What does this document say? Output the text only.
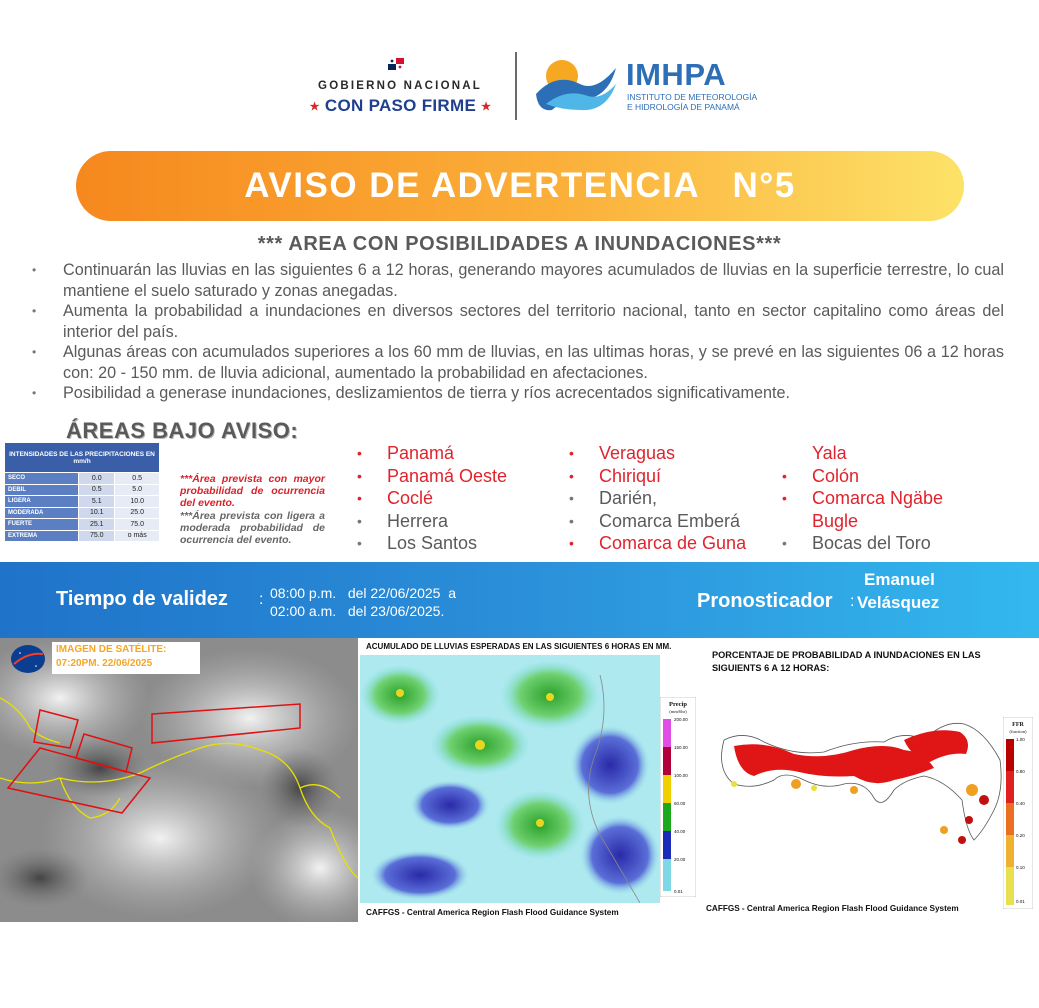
GOBIERNO NACIONAL
★ CON PASO FIRME ★
IMHPA
INSTITUTO DE METEOROLOGÍA
E HIDROLOGÍA DE PANAMÁ
AVISO DE ADVERTENCIA   N°5
*** AREA CON POSIBILIDADES A INUNDACIONES***
• Continuarán las lluvias en las siguientes 6 a 12 horas, generando mayores acumulados de lluvias en la superficie terrestre, lo cual mantiene el suelo saturado y zonas anegadas.
• Aumenta la probabilidad a inundaciones en diversos sectores del territorio nacional, tanto en sector capitalino como áreas del interior del país.
• Algunas áreas con acumulados superiores a los 60 mm de lluvias, en las ultimas horas, y se prevé en las siguientes 06 a 12 horas con: 20 - 150 mm. de lluvia adicional, aumentado la probabilidad en afectaciones.
• Posibilidad a generase inundaciones, deslizamientos de tierra y ríos acrecentados significativamente.
ÁREAS BAJO AVISO:
INTENSIDADES DE LAS PRECIPITACIONES EN mm/h		
SECO	0.0	0.5
DEBIL	0.5	5.0
LIGERA	5.1	10.0
MODERADA	10.1	25.0
FUERTE	25.1	75.0
EXTREMA	75.0	o más
***Área prevista con mayor probabilidad de ocurrencia del evento.
***Área prevista con ligera a moderada probabilidad de ocurrencia del evento.
• Panamá
• Panamá Oeste
• Coclé
• Herrera
• Los Santos
• Veraguas
• Chiriquí
• Darién,
• Comarca Emberá
• Comarca de Guna
Yala
• Colón
• Comarca Ngäbe
Bugle
• Bocas del Toro
Tiempo de validez : 08:00 p.m.   del 22/06/2025  a
02:00 a.m.   del 23/06/2025.	Pronosticador :
Emanuel
Velásquez
IMAGEN DE SATÉLITE:
07:20PM. 22/06/2025
ACUMULADO DE LLUVIAS ESPERADAS EN LAS SIGUIENTES 6 HORAS EN MM.
Precip
(mm/6hr)
200.00
150.00
100.00
60.00
40.00
20.00
0.01
CAFFGS - Central America Region Flash Flood Guidance System
PORCENTAJE DE PROBABILIDAD A INUNDACIONES EN LAS
SIGUIENTS 6 A 12 HORAS:
FFR
(fraction)
1.00
0.80
0.40
0.20
0.10
0.01
CAFFGS - Central America Region Flash Flood Guidance System
